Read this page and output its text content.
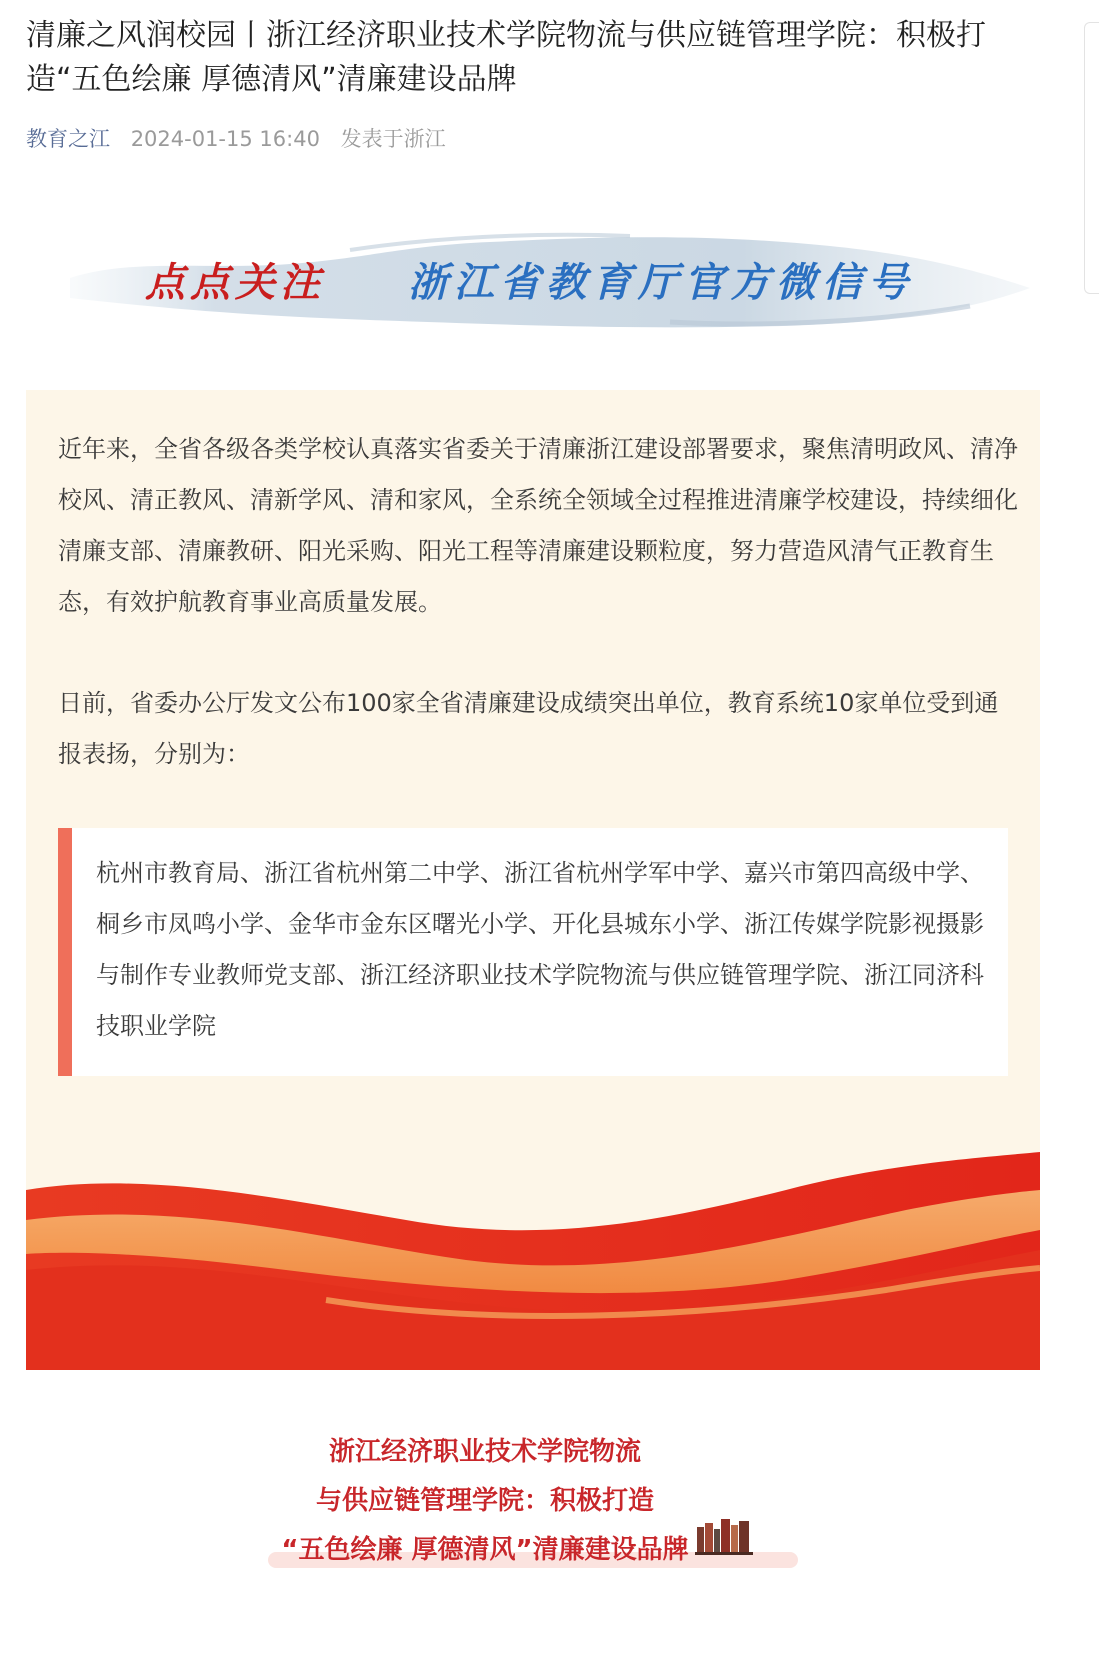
清廉之风润校园丨浙江经济职业技术学院物流与供应链管理学院：积极打造“五色绘廉 厚德清风”清廉建设品牌
教育之江 2024-01-15 16:40 发表于浙江
点点关注 浙江省教育厅官方微信号

近年来，全省各级各类学校认真落实省委关于清廉浙江建设部署要求，聚焦清明政风、清净校风、清正教风、清新学风、清和家风，全系统全领域全过程推进清廉学校建设，持续细化清廉支部、清廉教研、阳光采购、阳光工程等清廉建设颗粒度，努力营造风清气正教育生态，有效护航教育事业高质量发展。

日前，省委办公厅发文公布100家全省清廉建设成绩突出单位，教育系统10家单位受到通报表扬，分别为：

杭州市教育局、浙江省杭州第二中学、浙江省杭州学军中学、嘉兴市第四高级中学、桐乡市凤鸣小学、金华市金东区曙光小学、开化县城东小学、浙江传媒学院影视摄影与制作专业教师党支部、浙江经济职业技术学院物流与供应链管理学院、浙江同济科技职业学院

浙江经济职业技术学院物流
与供应链管理学院：积极打造
“五色绘廉 厚德清风”清廉建设品牌
